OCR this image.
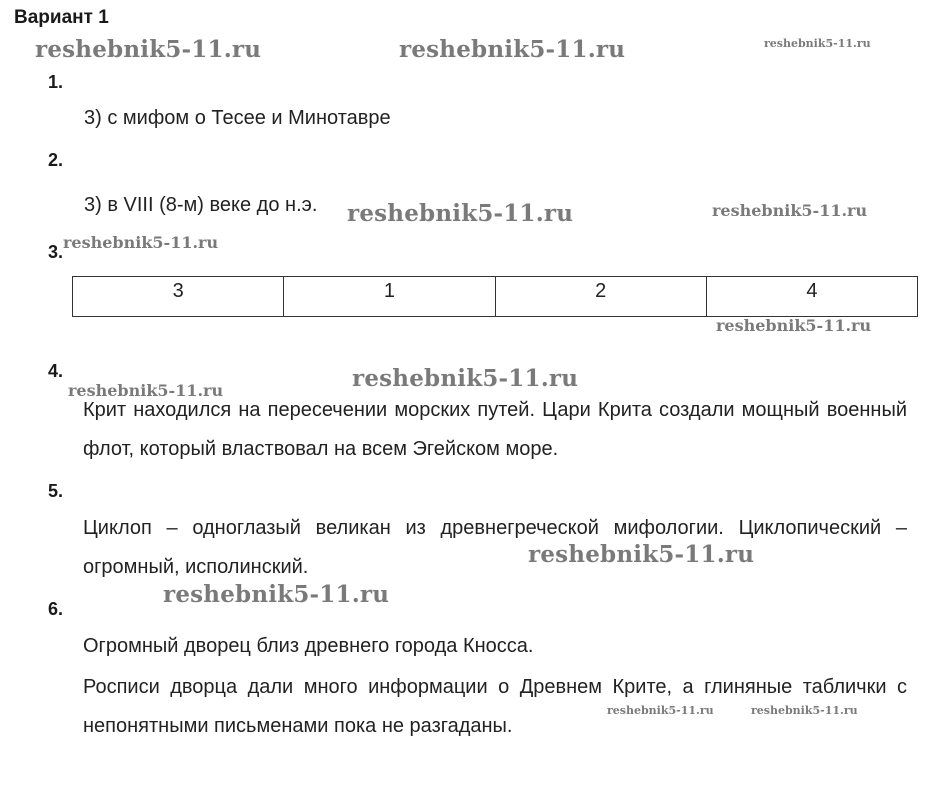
Вариант 1
1.
3) с мифом о Тесее и Минотавре
2.
3) в VIII (8-м) веке до н.э.
3.
3	1	2	4
4.
Крит находился на пересечении морских путей. Цари Крита создали мощный военный флот, который властвовал на всем Эгейском море.
5.
Циклоп – одноглазый великан из древнегреческой мифологии. Циклопический – огромный, исполинский.
6.
Огромный дворец близ древнего города Кносса.
Росписи дворца дали много информации о Древнем Крите, а глиняные таблички с непонятными письменами пока не разгаданы.
reshebnik5-11.ru	reshebnik5-11.ru	reshebnik5-11.ru
reshebnik5-11.ru	reshebnik5-11.ru
reshebnik5-11.ru
reshebnik5-11.ru
reshebnik5-11.ru
reshebnik5-11.ru
reshebnik5-11.ru
reshebnik5-11.ru
reshebnik5-11.ru	reshebnik5-11.ru
